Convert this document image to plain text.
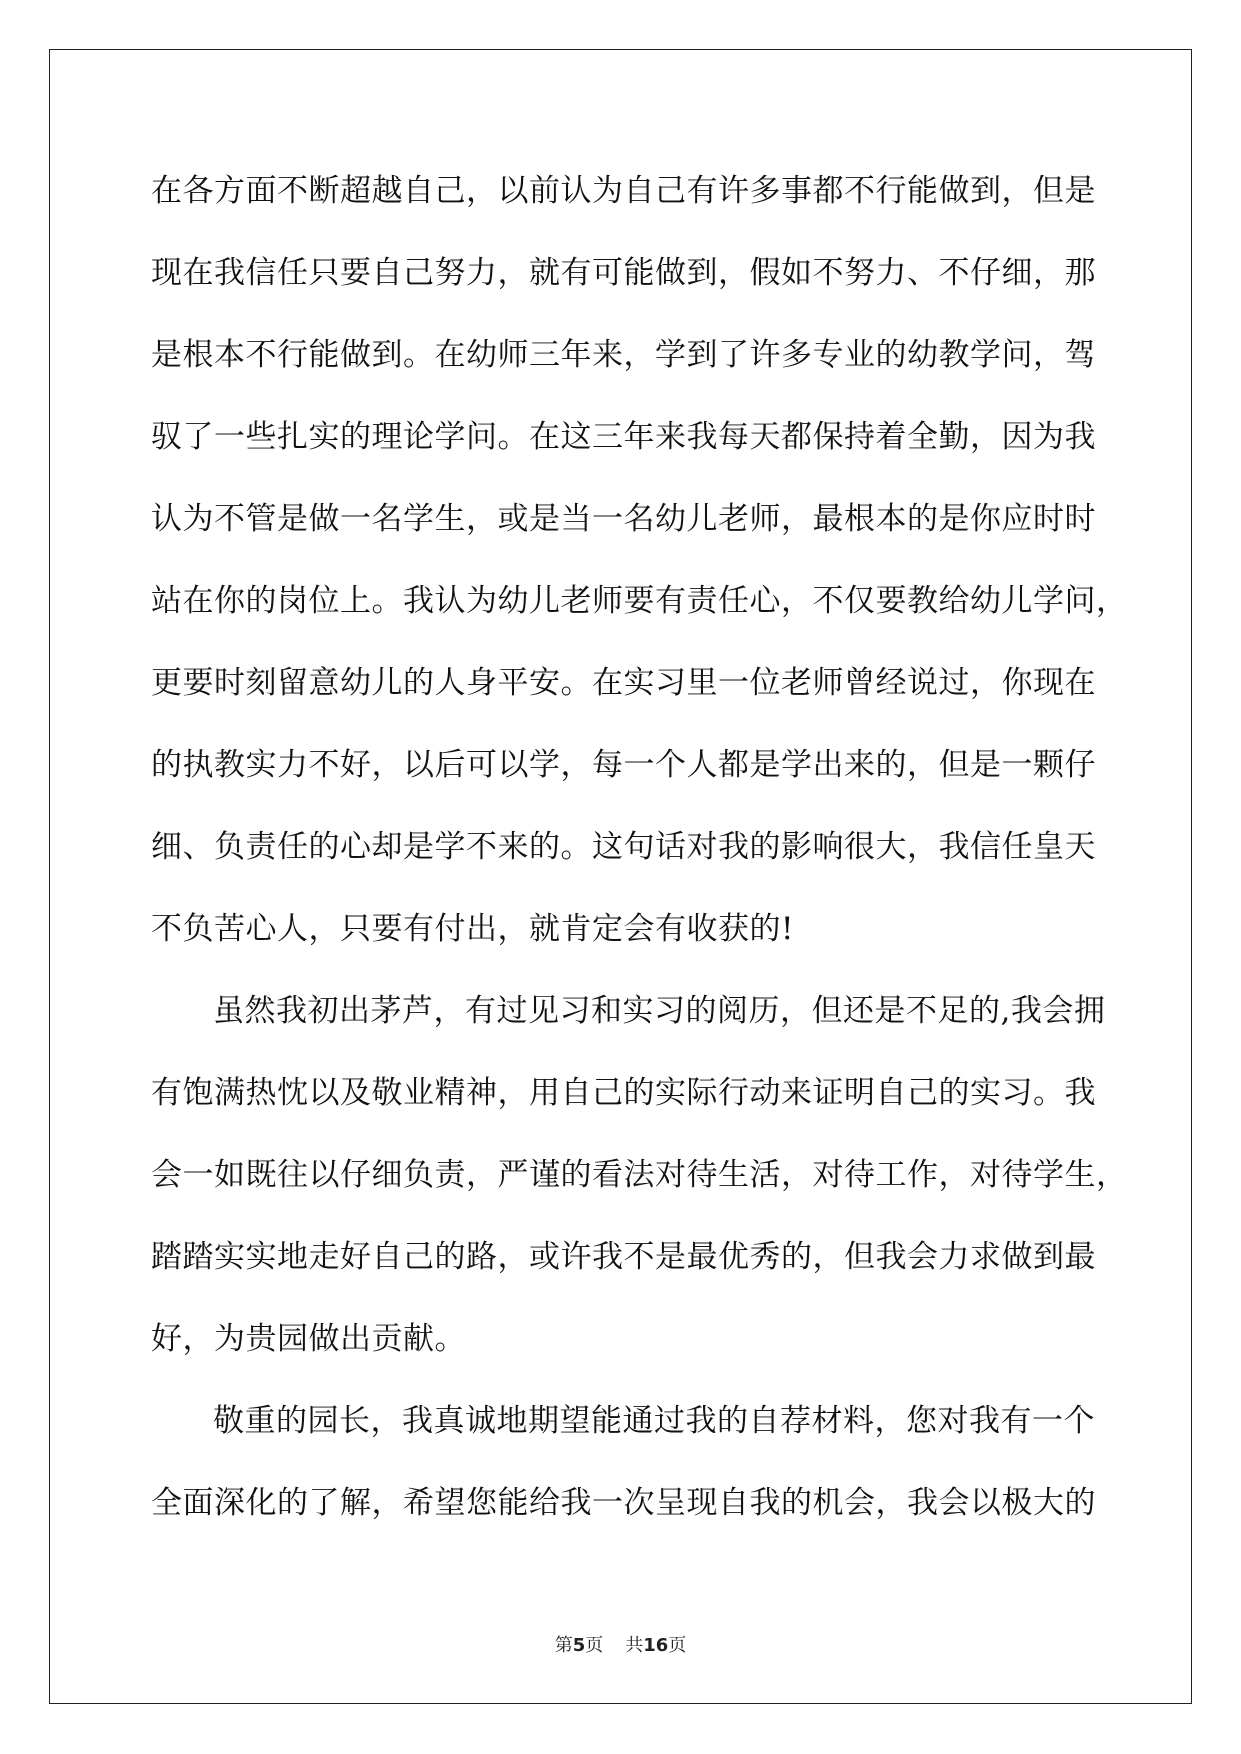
在各方面不断超越自己，以前认为自己有许多事都不行能做到，但是
现在我信任只要自己努力，就有可能做到，假如不努力、不仔细，那
是根本不行能做到。在幼师三年来，学到了许多专业的幼教学问，驾
驭了一些扎实的理论学问。在这三年来我每天都保持着全勤，因为我
认为不管是做一名学生，或是当一名幼儿老师，最根本的是你应时时
站在你的岗位上。我认为幼儿老师要有责任心，不仅要教给幼儿学问，
更要时刻留意幼儿的人身平安。在实习里一位老师曾经说过，你现在
的执教实力不好，以后可以学，每一个人都是学出来的，但是一颗仔
细、负责任的心却是学不来的。这句话对我的影响很大，我信任皇天
不负苦心人，只要有付出，就肯定会有收获的!
虽然我初出茅芦，有过见习和实习的阅历，但还是不足的,我会拥
有饱满热忱以及敬业精神，用自己的实际行动来证明自己的实习。我
会一如既往以仔细负责，严谨的看法对待生活，对待工作，对待学生，
踏踏实实地走好自己的路，或许我不是最优秀的，但我会力求做到最
好，为贵园做出贡献。
敬重的园长，我真诚地期望能通过我的自荐材料，您对我有一个
全面深化的了解，希望您能给我一次呈现自我的机会，我会以极大的
第5页 共16页
